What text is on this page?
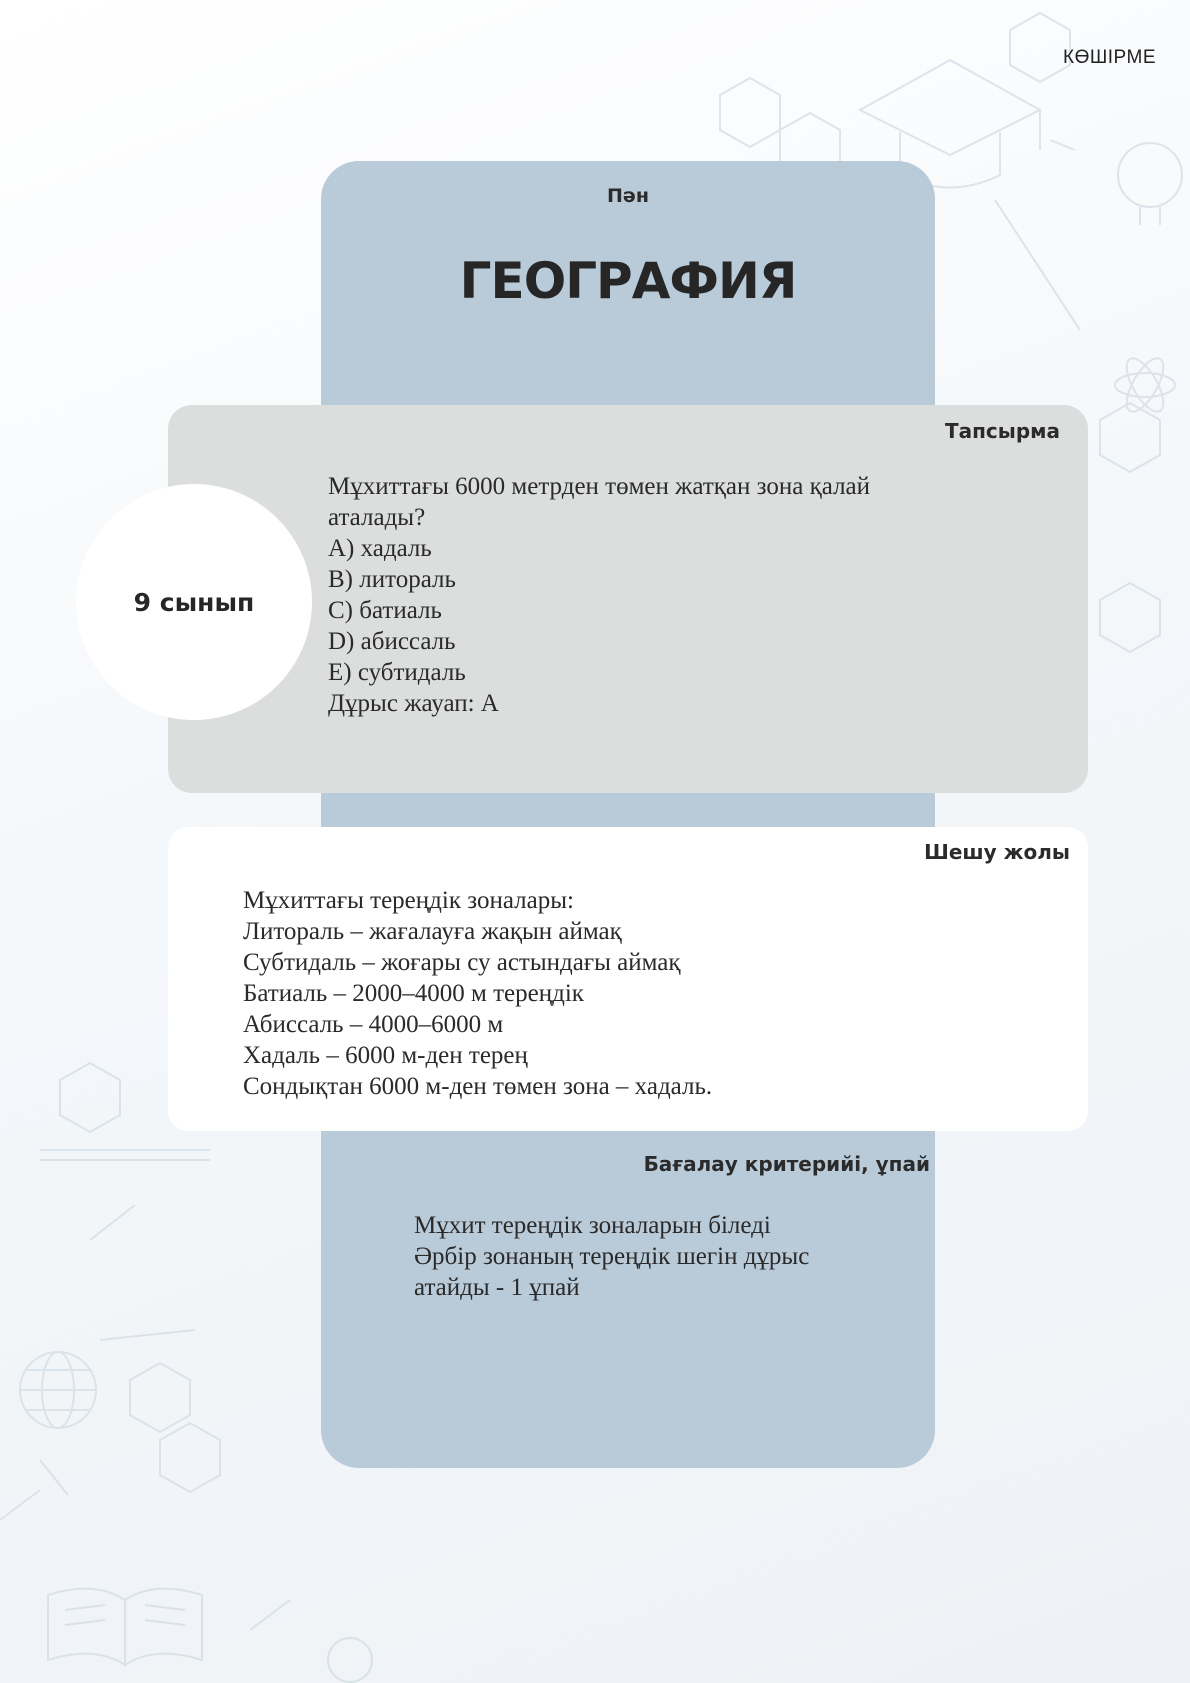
КӨШІРМЕ
Пән
ГЕОГРАФИЯ
Тапсырма
Мұхиттағы 6000 метрден төмен жатқан зона қалай
аталады?
A) хадаль
B) литораль
C) батиаль
D) абиссаль
E) субтидаль
Дұрыс жауап: A
9 сынып
Шешу жолы
Мұхиттағы тереңдік зоналары:
Литораль – жағалауға жақын аймақ
Субтидаль – жоғары су астындағы аймақ
Батиаль – 2000–4000 м тереңдік
Абиссаль – 4000–6000 м
Хадаль – 6000 м-ден терең
Сондықтан 6000 м-ден төмен зона – хадаль.
Бағалау критерийі, ұпай
Мұхит тереңдік зоналарын біледі
Әрбір зонаның тереңдік шегін дұрыс
атайды - 1 ұпай
